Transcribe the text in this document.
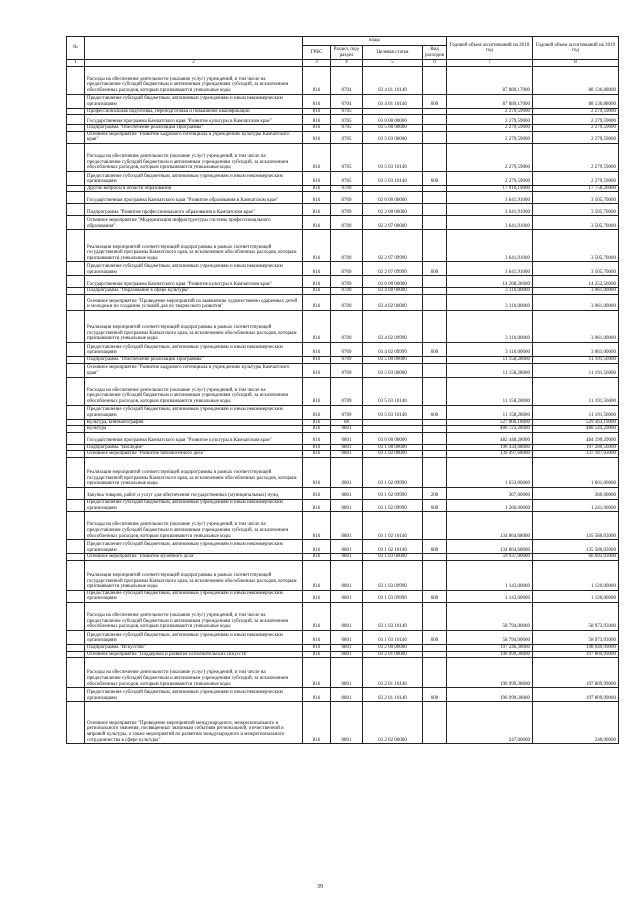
№		коды				Годовой объем ассигнований на 2018 год	Годовой объем ассигнований на 2019 год
		ГРБС	Раздел, под-раздел	Целевая статья	Вид расходов		
1	2	3	4	5	6	7	8
	Расходы на обеспечение деятельности (оказание услуг) учреждений, в том числе на предоставление субсидий бюджетным и автономным учреждениям субсидий, за исключением обособленных расходов, которым присваиваются уникальные коды	816	0704	03 4 01 10140		87 889,17000	88 136,88000
	Предоставление субсидий бюджетным, автономным учреждениям и иным некоммерческим организациям	816	0704	03 4 01 10140	600	87 889,17000	88 136,88000
	Профессиональная подготовка, переподготовка и повышение квалификации	816	0705			2 279,59000	2 279,59000
	Государственная программа Камчатского края "Развитие культуры в Камчатском крае"	816	0705	03 0 00 00000		2 279,59000	2 279,59000
	Подпрограмма "Обеспечение реализации Программы"	816	0705	03 5 00 00000		2 279,59000	2 279,59000
	Основное мероприятие "Развитие кадрового потенциала в учреждениях культуры Камчатского края"	816	0705	03 5 03 00000		2 279,59000	2 279,59000
	Расходы на обеспечение деятельности (оказание услуг) учреждений, в том числе на предоставление субсидий бюджетным и автономным учреждениям субсидий, за исключением обособленных расходов, которым присваиваются уникальные коды	816	0705	03 5 03 10140		2 279,59000	2 279,59000
	Предоставление субсидий бюджетным, автономным учреждениям и иным некоммерческим организациям	816	0705	03 5 03 10140	600	2 279,59000	2 279,59000
	Другие вопросы в области образования	816	0709			17 910,19000	17 758,26000
	Государственная программа Камчатского края "Развитие образования в Камчатском крае"	816	0709	02 0 00 00000		3 641,91000	3 505,70000
	Подпрограмма "Развитие профессионального образования в Камчатском крае"	816	0709	02 2 00 00000		3 641,91000	3 505,70000
	Основное мероприятие "Модернизация инфраструктуры системы профессионального образования"	816	0709	02 2 07 00000		3 641,91000	3 505,70000
	Реализация мероприятий соответствующей подпрограммы в рамках соответствующей государственной программы Камчатского края, за исключением обособленных расходов, которым присваиваются уникальные коды	816	0709	02 2 07 09990		3 641,91000	3 505,70000
	Предоставление субсидий бюджетным, автономным учреждениям и иным некоммерческим организациям	816	0709	02 2 07 09990	600	3 641,91000	3 505,70000
	Государственная программа Камчатского края "Развитие культуры в Камчатском крае"	816	0709	03 0 00 00000		14 268,28000	14 252,56000
	Подпрограмма "Образование в сфере культуры"	816	0709	03 4 00 00000		3 110,00000	3 061,00000
	Основное мероприятие "Проведение мероприятий по выявлению художественно одаренных детей и молодежи по созданию условий для их творческого развития"	816	0709	03 4 02 00000		3 110,00000	3 061,00000
	Реализация мероприятий соответствующей подпрограммы в рамках соответствующей государственной программы Камчатского края, за исключением обособленных расходов, которым присваиваются уникальные коды	816	0709	03 4 02 09990		3 110,00000	3 061,00000
	Предоставление субсидий бюджетным, автономным учреждениям и иным некоммерческим организациям	816	0709	03 4 02 09990	600	3 110,00000	3 061,00000
	Подпрограмма "Обеспечение реализации Программы"	816	0709	03 5 00 00000		11 158,28000	11 191,56000
	Основное мероприятие "Развитие кадрового потенциала в учреждениях культуры Камчатского края"	816	0709	03 5 03 00000		11 158,28000	11 191,56000
	Расходы на обеспечение деятельности (оказание услуг) учреждений, в том числе на предоставление субсидий бюджетным и автономным учреждениям субсидий, за исключением обособленных расходов, которым присваиваются уникальные коды	816	0709	03 5 03 10140		11 158,28000	11 191,56000
	Предоставление субсидий бюджетным, автономным учреждениям и иным некоммерческим организациям	816	0709	03 5 03 10140	600	11 158,28000	11 191,56000
	Культура, кинематография	816	08			527 006,18000	529 363,19000
	Культура	816	0801			486 723,28000	488 544,29000
	Государственная программа Камчатского края "Развитие культуры в Камчатском крае"	816	0801	03 0 00 00000		482 448,28000	484 199,29000
	Подпрограмма "Наследие"	816	0801	03 1 00 00000		190 434,68000	197 280,56000
	Основное мероприятие "Развитие библиотечного дела"	816	0801	03 1 02 00000		136 497,68000	137 187,03000
	Реализация мероприятий соответствующей подпрограммы в рамках соответствующей государственной программы Камчатского края, за исключением обособленных расходов, которым присваиваются уникальные коды	816	0801	03 1 02 09990		1 633,00000	1 601,00000
	Закупка товаров, работ и услуг для обеспечения государственных (муниципальных) нужд	816	0801	03 1 02 09990	200	367,00000	360,00000
	Предоставление субсидий бюджетным, автономным учреждениям и иным некоммерческим организациям	816	0801	03 1 02 09990	600	1 266,00000	1 241,00000
	Расходы на обеспечение деятельности (оказание услуг) учреждений, в том числе на предоставление субсидий бюджетным и автономным учреждениям субсидий, за исключением обособленных расходов, которым присваиваются уникальные коды	816	0801	03 1 02 10140		134 864,68000	135 586,03000
	Предоставление субсидий бюджетным, автономным учреждениям и иным некоммерческим организациям	816	0801	03 1 02 10140	600	134 864,68000	135 586,03000
	Основное мероприятие "Развитие музейного дела"	816	0801	03 1 03 00000		59 937,00000	60 093,93000
	Реализация мероприятий соответствующей подпрограммы в рамках соответствующей государственной программы Камчатского края, за исключением обособленных расходов, которым присваиваются уникальные коды	816	0801	03 1 03 09990		1 143,00000	1 120,00000
	Предоставление субсидий бюджетным, автономным учреждениям и иным некоммерческим организациям	816	0801	03 1 03 09990	600	1 143,00000	1 120,00000
	Расходы на обеспечение деятельности (оказание услуг) учреждений, в том числе на предоставление субсидий бюджетным и автономным учреждениям субсидий, за исключением обособленных расходов, которым присваиваются уникальные коды	816	0801	03 1 03 10140		58 794,00000	58 973,93000
	Предоставление субсидий бюджетным, автономным учреждениям и иным некоммерческим организациям	816	0801	03 1 03 10140	600	58 794,00000	58 973,93000
	Подпрограмма "Искусство"	816	0801	03 2 00 00000		197 246,38000	198 049,99000
	Основное мероприятие "Поддержка и развитие исполнительских искусств"	816	0801	03 2 01 00000		196 999,38000	197 809,99000
	Расходы на обеспечение деятельности (оказание услуг) учреждений, в том числе на предоставление субсидий бюджетным и автономным учреждениям субсидий, за исключением обособленных расходов, которым присваиваются уникальные коды	816	0801	03 2 01 10140		196 999,38000	197 809,99000
	Предоставление субсидий бюджетным, автономным учреждениям и иным некоммерческим организациям	816	0801	03 2 01 10140	600	196 999,38000	197 809,99000
	Основное мероприятие "Проведение мероприятий международного, межрегионального и регионального значения, посвященных значимым событиям региональной, отечественной и мировой культуры, а также мероприятий по развитию международного и межрегионального сотрудничества в сфере культуры"	816	0801	03 2 02 00000		247,00000	240,00000
39
